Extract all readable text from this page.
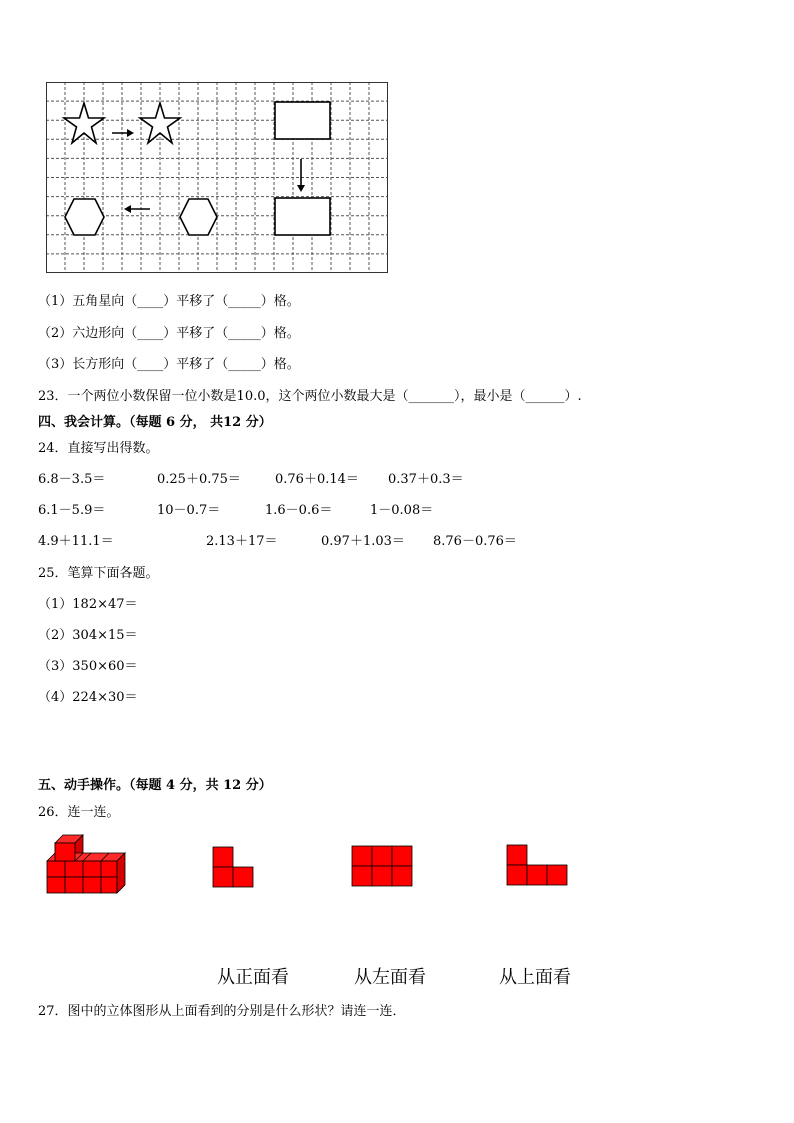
（1）五角星向（____）平移了（_____）格。
（2）六边形向（____）平移了（_____）格。
（3）长方形向（____）平移了（_____）格。
23．一个两位小数保留一位小数是10.0，这个两位小数最大是（_______），最小是（______）.
四、我会计算。（每题 6 分， 共12 分）
24．直接写出得数。
6.8－3.5＝	0.25＋0.75＝	0.76＋0.14＝ 0.37＋0.3＝
6.1－5.9＝	10－0.7＝	1.6－0.6＝	1－0.08＝
4.9＋11.1＝	2.13＋17＝	0.97＋1.03＝ 8.76－0.76＝
25．笔算下面各题。
（1）182×47＝
（2）304×15＝
（3）350×60＝
（4）224×30＝
五、动手操作。（每题 4 分，共 12 分）
26．连一连。
从正面看	从左面看	从上面看
27．图中的立体图形从上面看到的分别是什么形状？请连一连．
